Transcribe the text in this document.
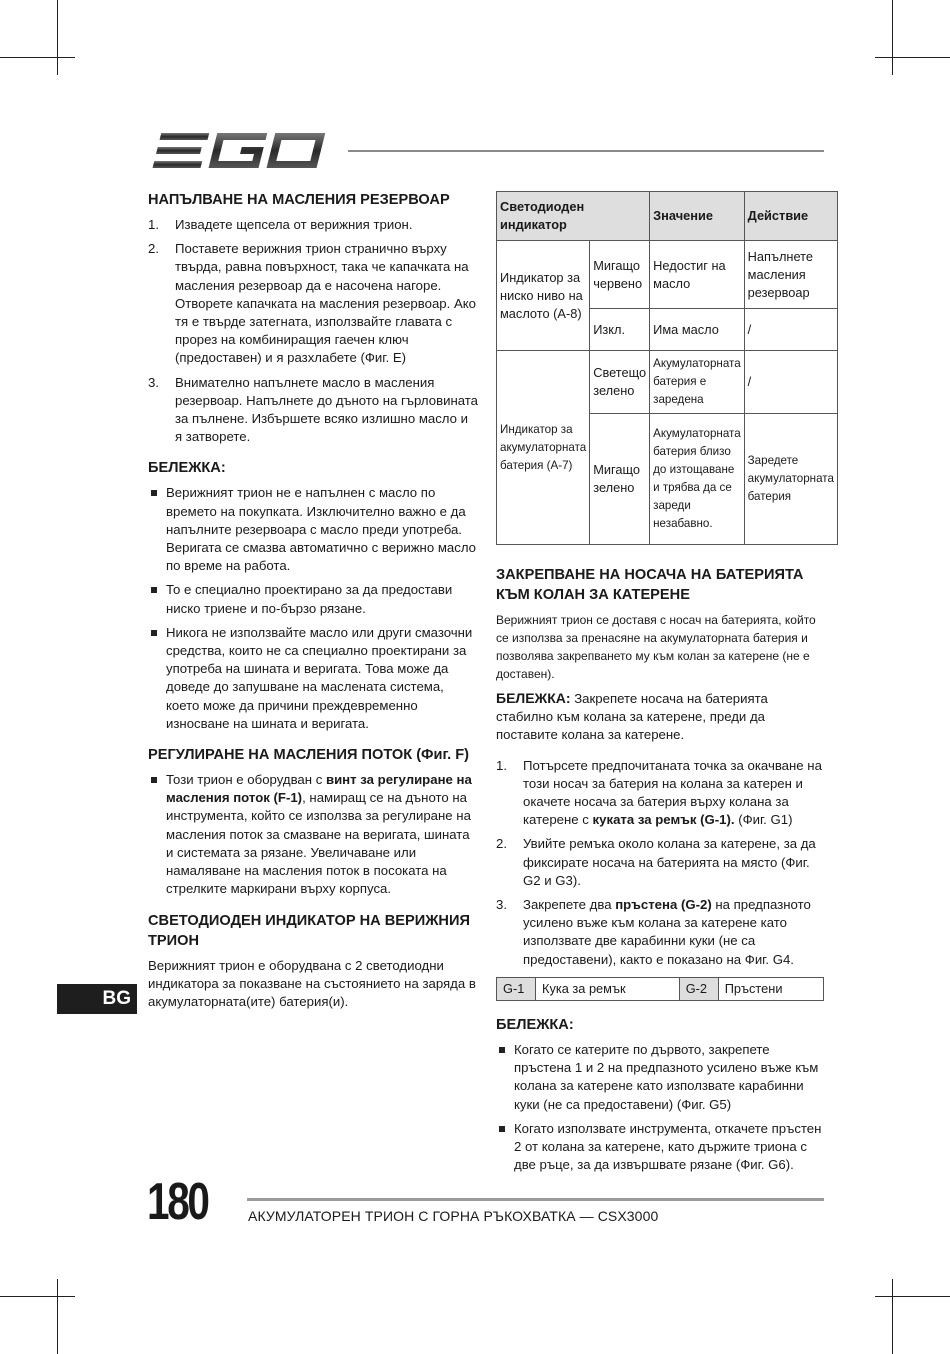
НАПЪЛВАНЕ НА МАСЛЕНИЯ РЕЗЕРВОАР
1. Извадете щепсела от верижния трион.
2. Поставете верижния трион странично върху твърда, равна повърхност, така че капачката на масления резервоар да е насочена нагоре. Отворете капачката на масления резервоар. Ако тя е твърде затегната, използвайте главата с прорез на комбиниращия гаечен ключ (предоставен) и я разхлабете (Фиг. E)
3. Внимателно напълнете масло в масления резервоар. Напълнете до дъното на гърловината за пълнене. Избършете всяко излишно масло и я затворете.
БЕЛЕЖКА:
Верижният трион не е напълнен с масло по времето на покупката. Изключително важно е да напълните резервоара с масло преди употреба. Веригата се смазва автоматично с верижно масло по време на работа.
То е специално проектирано за да предостави ниско триене и по-бързо рязане.
Никога не използвайте масло или други смазочни средства, които не са специално проектирани за употреба на шината и веригата. Това може да доведе до запушване на маслената система, което може да причини преждевременно износване на шината и веригата.
РЕГУЛИРАНЕ НА МАСЛЕНИЯ ПОТОК (Фиг. F)
Този трион е оборудван с винт за регулиране на масления поток (F-1), намиращ се на дъното на инструмента, който се използва за регулиране на масления поток за смазване на веригата, шината и системата за рязане. Увеличаване или намаляване на масления поток в посоката на стрелките маркирани върху корпуса.
СВЕТОДИОДЕН ИНДИКАТОР НА ВЕРИЖНИЯ ТРИОН

Верижният трион е оборудвана с 2 светодиодни индикатора за показване на състоянието на заряда в акумулаторната(ите) батерия(и).

Светодиоден индикатор		Значение	Действие
Индикатор за ниско ниво на маслото (A-8)	Мигащо червено	Недостиг на масло	Напълнете масления резервоар
	Изкл.	Има масло	/
Индикатор за акумулаторната батерия (A-7)	Светещо зелено	Акумулаторната батерия е заредена	/
	Мигащо зелено	Акумулаторната батерия близо до изтощаване и трябва да се зареди незабавно.	Заредете акумулаторната батерия
ЗАКРЕПВАНЕ НА НОСАЧА НА БАТЕРИЯТА КЪМ КОЛАН ЗА КАТЕРЕНЕ

Верижният трион се доставя с носач на батерията, който се използва за пренасяне на акумулаторната батерия и позволява закрепването му към колан за катерене (не е доставен).

БЕЛЕЖКА: Закрепете носача на батерията стабилно към колана за катерене, преди да поставите колана за катерене.

1. Потърсете предпочитаната точка за окачване на този носач за батерия на колана за катерен и окачете носача за батерия върху колана за катерене с куката за ремък (G-1). (Фиг. G1)
2. Увийте ремъка около колана за катерене, за да фиксирате носача на батерията на място (Фиг. G2 и G3).
3. Закрепете два пръстена (G-2) на предпазното усилено въже към колана за катерене като използвате две карабинни куки (не са предоставени), както е показано на Фиг. G4.
G-1	Кука за ремък	G-2	Пръстени
БЕЛЕЖКА:
Когато се катерите по дървото, закрепете пръстена 1 и 2 на предпазното усилено въже към колана за катерене като използвате карабинни куки (не са предоставени) (Фиг. G5)
Когато използвате инструмента, откачете пръстен 2 от колана за катерене, като държите триона с две ръце, за да извършвате рязане (Фиг. G6).
BG
180	АКУМУЛАТОРЕН ТРИОН С ГОРНА РЪКОХВАТКА — CSX3000
